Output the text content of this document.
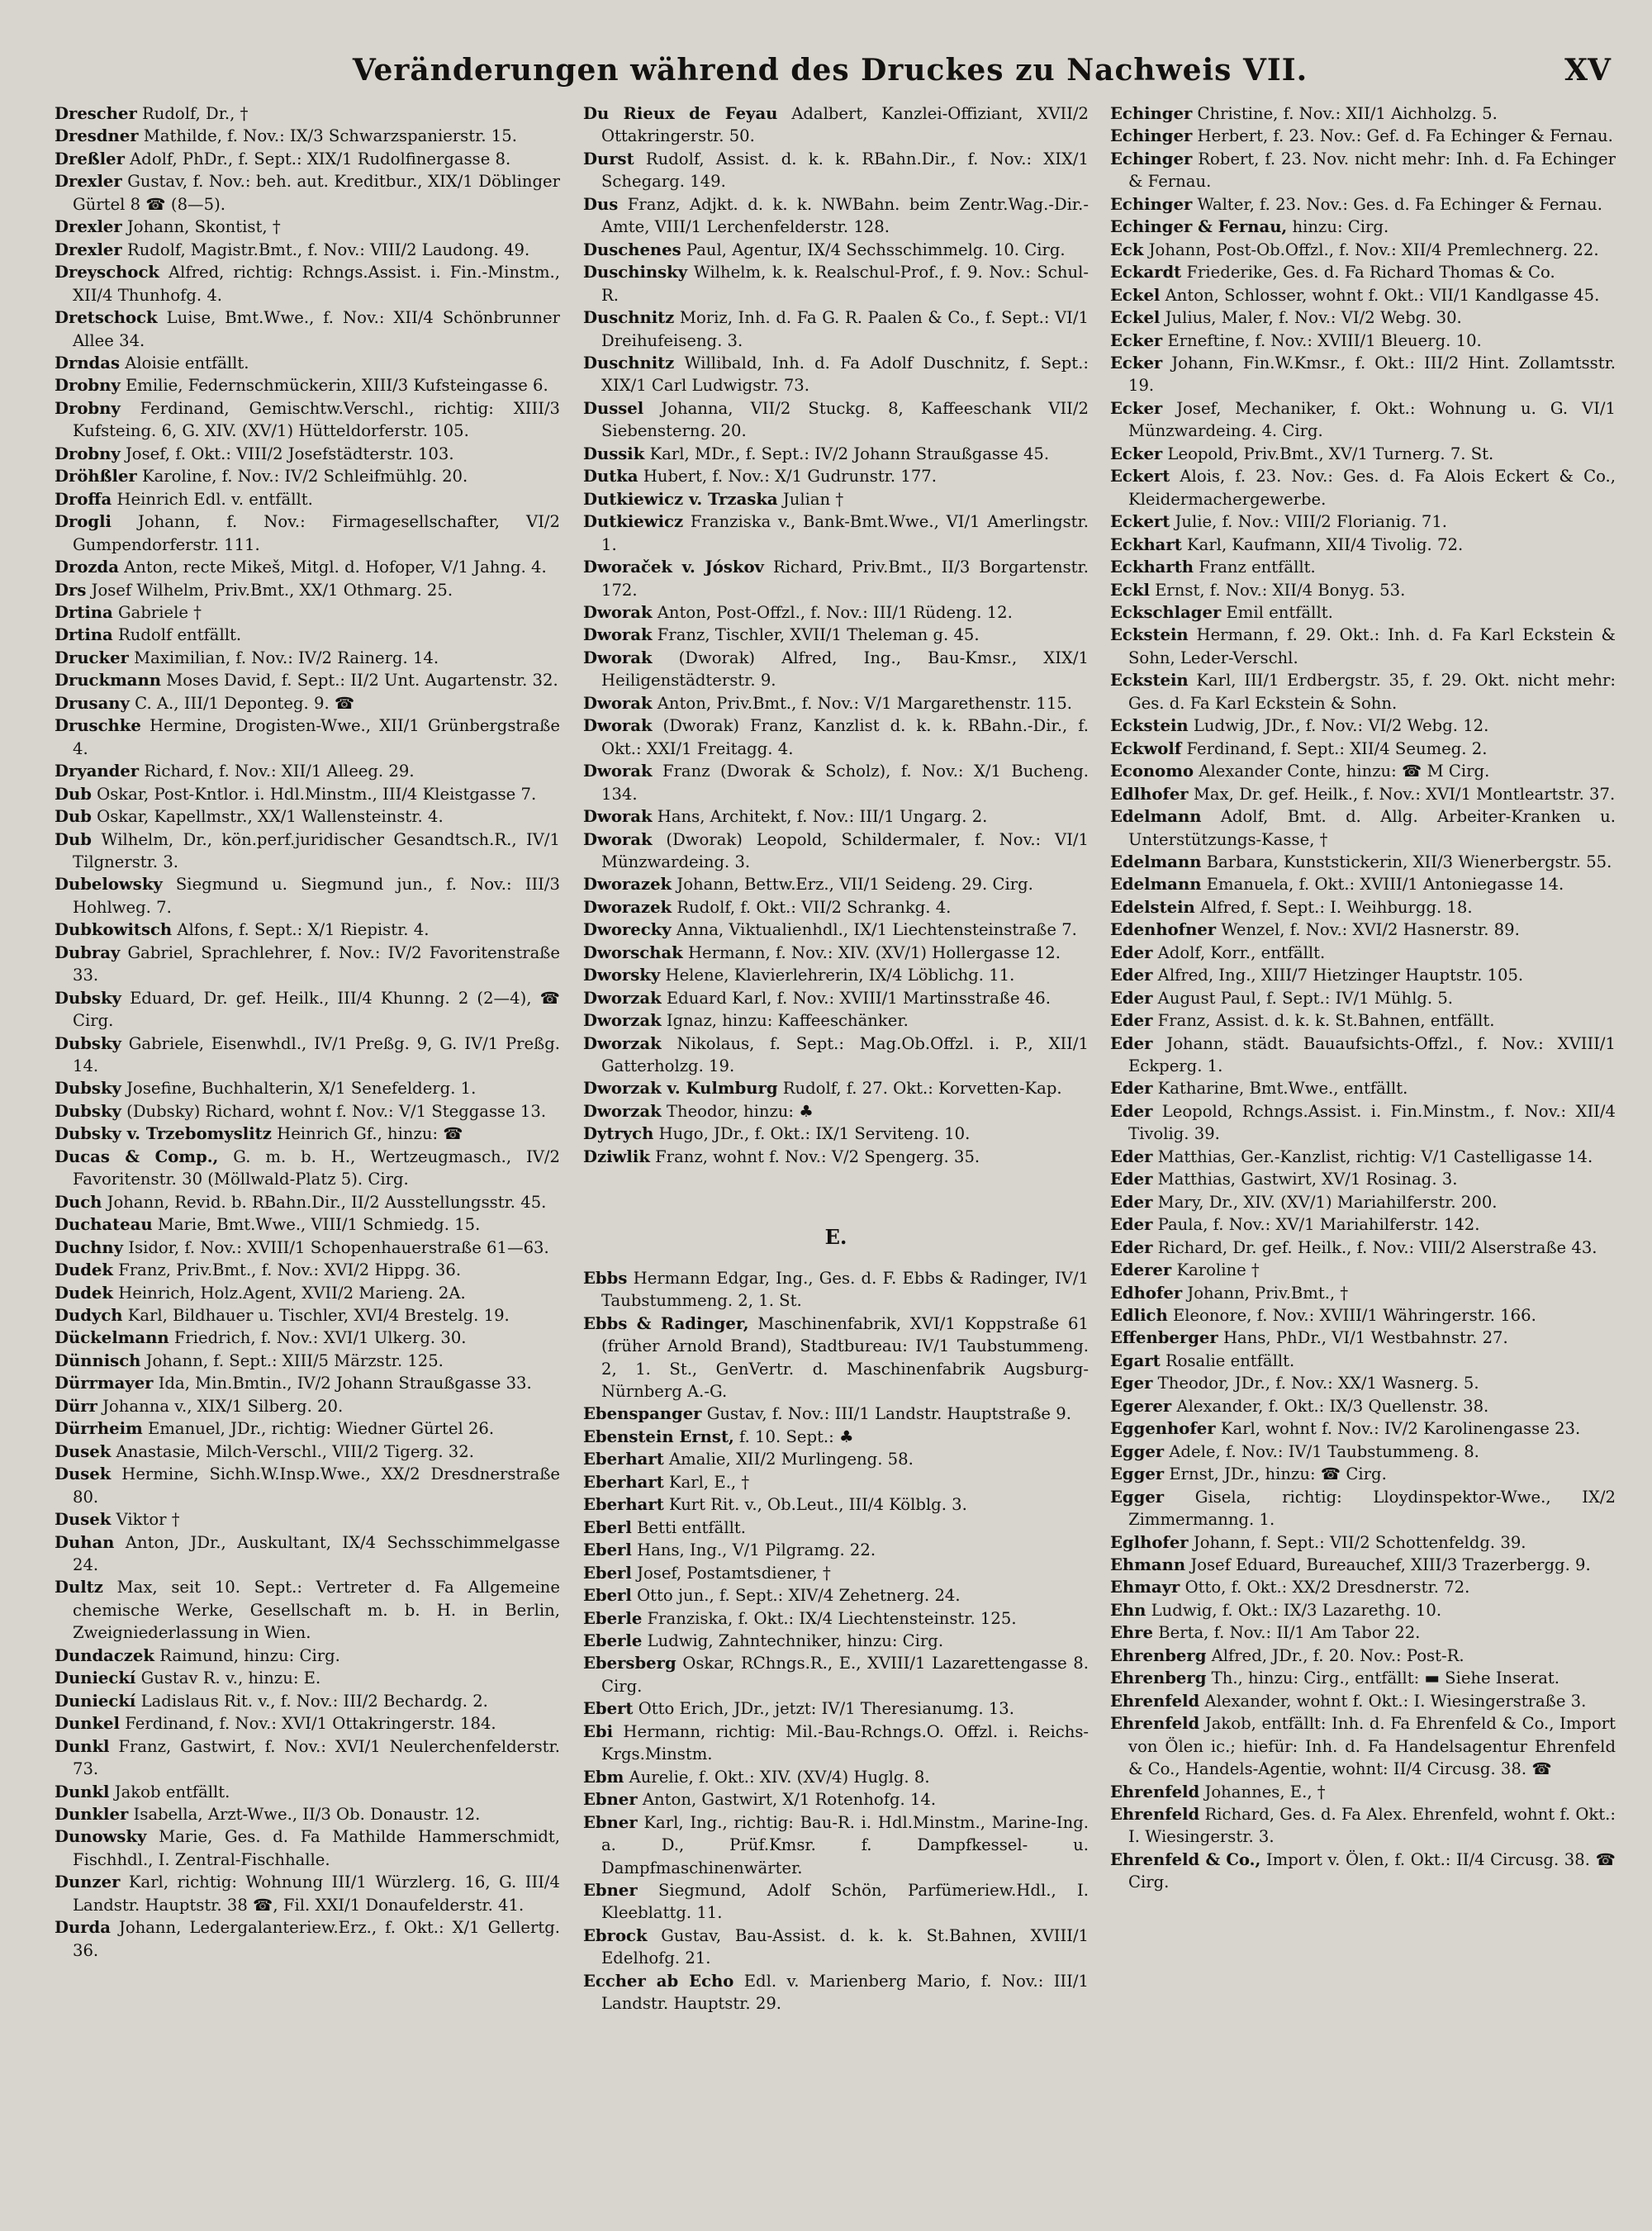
Veränderungen während des Druckes zu Nachweis VII.	XV
Drescher Rudolf, Dr., †
Dresdner Mathilde, f. Nov.: IX/3 Schwarzspanierstr. 15.
Dreßler Adolf, PhDr., f. Sept.: XIX/1 Rudolfinergasse 8.
Drexler Gustav, f. Nov.: beh. aut. Kreditbur., XIX/1 Döblinger Gürtel 8 ☎ (8—5).
Drexler Johann, Skontist, †
Drexler Rudolf, Magistr.Bmt., f. Nov.: VIII/2 Laudong. 49.
Dreyschock Alfred, richtig: Rchngs.Assist. i. Fin.-Minstm., XII/4 Thunhofg. 4.
Dretschock Luise, Bmt.Wwe., f. Nov.: XII/4 Schönbrunner Allee 34.
Drndas Aloisie entfällt.
Drobny Emilie, Federnschmückerin, XIII/3 Kufsteingasse 6.
Drobny Ferdinand, Gemischtw.Verschl., richtig: XIII/3 Kufsteing. 6, G. XIV. (XV/1) Hütteldorferstr. 105.
Drobny Josef, f. Okt.: VIII/2 Josefstädterstr. 103.
Dröhßler Karoline, f. Nov.: IV/2 Schleifmühlg. 20.
Droffa Heinrich Edl. v. entfällt.
Drogli Johann, f. Nov.: Firmagesellschafter, VI/2 Gumpendorferstr. 111.
Drozda Anton, recte Mikeš, Mitgl. d. Hofoper, V/1 Jahng. 4.
Drs Josef Wilhelm, Priv.Bmt., XX/1 Othmarg. 25.
Drtina Gabriele †
Drtina Rudolf entfällt.
Drucker Maximilian, f. Nov.: IV/2 Rainerg. 14.
Druckmann Moses David, f. Sept.: II/2 Unt. Augartenstr. 32.
Drusany C. A., III/1 Deponteg. 9. ☎
Druschke Hermine, Drogisten-Wwe., XII/1 Grünbergstraße 4.
Dryander Richard, f. Nov.: XII/1 Alleeg. 29.
Dub Oskar, Post-Kntlor. i. Hdl.Minstm., III/4 Kleistgasse 7.
Dub Oskar, Kapellmstr., XX/1 Wallensteinstr. 4.
Dub Wilhelm, Dr., kön.perf.juridischer Gesandtsch.R., IV/1 Tilgnerstr. 3.
Dubelowsky Siegmund u. Siegmund jun., f. Nov.: III/3 Hohlweg. 7.
Dubkowitsch Alfons, f. Sept.: X/1 Riepistr. 4.
Dubray Gabriel, Sprachlehrer, f. Nov.: IV/2 Favoritenstraße 33.
Dubsky Eduard, Dr. gef. Heilk., III/4 Khunng. 2 (2—4), ☎ Cirg.
Dubsky Gabriele, Eisenwhdl., IV/1 Preßg. 9, G. IV/1 Preßg. 14.
Dubsky Josefine, Buchhalterin, X/1 Senefelderg. 1.
Dubsky (Dubsky) Richard, wohnt f. Nov.: V/1 Steggasse 13.
Dubsky v. Trzebomyslitz Heinrich Gf., hinzu: ☎
Ducas & Comp., G. m. b. H., Wertzeugmasch., IV/2 Favoritenstr. 30 (Möllwald-Platz 5). Cirg.
Duch Johann, Revid. b. RBahn.Dir., II/2 Ausstellungsstr. 45.
Duchateau Marie, Bmt.Wwe., VIII/1 Schmiedg. 15.
Duchny Isidor, f. Nov.: XVIII/1 Schopenhauerstraße 61—63.
Dudek Franz, Priv.Bmt., f. Nov.: XVI/2 Hippg. 36.
Dudek Heinrich, Holz.Agent, XVII/2 Marieng. 2A.
Dudych Karl, Bildhauer u. Tischler, XVI/4 Brestelg. 19.
Dückelmann Friedrich, f. Nov.: XVI/1 Ulkerg. 30.
Dünnisch Johann, f. Sept.: XIII/5 Märzstr. 125.
Dürrmayer Ida, Min.Bmtin., IV/2 Johann Straußgasse 33.
Dürr Johanna v., XIX/1 Silberg. 20.
Dürrheim Emanuel, JDr., richtig: Wiedner Gürtel 26.
Dusek Anastasie, Milch-Verschl., VIII/2 Tigerg. 32.
Dusek Hermine, Sichh.W.Insp.Wwe., XX/2 Dresdnerstraße 80.
Dusek Viktor †
Duhan Anton, JDr., Auskultant, IX/4 Sechsschimmelgasse 24.
Dultz Max, seit 10. Sept.: Vertreter d. Fa Allgemeine chemische Werke, Gesellschaft m. b. H. in Berlin, Zweigniederlassung in Wien.
Dundaczek Raimund, hinzu: Cirg.
Dunieckí Gustav R. v., hinzu: E.
Dunieckí Ladislaus Rit. v., f. Nov.: III/2 Bechardg. 2.
Dunkel Ferdinand, f. Nov.: XVI/1 Ottakringerstr. 184.
Dunkl Franz, Gastwirt, f. Nov.: XVI/1 Neulerchenfelderstr. 73.
Dunkl Jakob entfällt.
Dunkler Isabella, Arzt-Wwe., II/3 Ob. Donaustr. 12.
Dunowsky Marie, Ges. d. Fa Mathilde Hammerschmidt, Fischhdl., I. Zentral-Fischhalle.
Dunzer Karl, richtig: Wohnung III/1 Würzlerg. 16, G. III/4 Landstr. Hauptstr. 38 ☎, Fil. XXI/1 Donaufelderstr. 41.
Durda Johann, Ledergalanteriew.Erz., f. Okt.: X/1 Gellertg. 36.
Du Rieux de Feyau Adalbert, Kanzlei-Offiziant, XVII/2 Ottakringerstr. 50.
Durst Rudolf, Assist. d. k. k. RBahn.Dir., f. Nov.: XIX/1 Schegarg. 149.
Dus Franz, Adjkt. d. k. k. NWBahn. beim Zentr.Wag.-Dir.-Amte, VIII/1 Lerchenfelderstr. 128.
Duschenes Paul, Agentur, IX/4 Sechsschimmelg. 10. Cirg.
Duschinsky Wilhelm, k. k. Realschul-Prof., f. 9. Nov.: Schul-R.
Duschnitz Moriz, Inh. d. Fa G. R. Paalen & Co., f. Sept.: VI/1 Dreihufeiseng. 3.
Duschnitz Willibald, Inh. d. Fa Adolf Duschnitz, f. Sept.: XIX/1 Carl Ludwigstr. 73.
Dussel Johanna, VII/2 Stuckg. 8, Kaffeeschank VII/2 Siebensterng. 20.
Dussik Karl, MDr., f. Sept.: IV/2 Johann Straußgasse 45.
Dutka Hubert, f. Nov.: X/1 Gudrunstr. 177.
Dutkiewicz v. Trzaska Julian †
Dutkiewicz Franziska v., Bank-Bmt.Wwe., VI/1 Amerlingstr. 1.
Dworaček v. Jóskov Richard, Priv.Bmt., II/3 Borgartenstr. 172.
Dworak Anton, Post-Offzl., f. Nov.: III/1 Rüdeng. 12.
Dworak Franz, Tischler, XVII/1 Theleman g. 45.
Dworak (Dworak) Alfred, Ing., Bau-Kmsr., XIX/1 Heiligenstädterstr. 9.
Dworak Anton, Priv.Bmt., f. Nov.: V/1 Margarethenstr. 115.
Dworak (Dworak) Franz, Kanzlist d. k. k. RBahn.-Dir., f. Okt.: XXI/1 Freitagg. 4.
Dworak Franz (Dworak & Scholz), f. Nov.: X/1 Bucheng. 134.
Dworak Hans, Architekt, f. Nov.: III/1 Ungarg. 2.
Dworak (Dworak) Leopold, Schildermaler, f. Nov.: VI/1 Münzwardeing. 3.
Dworazek Johann, Bettw.Erz., VII/1 Seideng. 29. Cirg.
Dworazek Rudolf, f. Okt.: VII/2 Schrankg. 4.
Dworecky Anna, Viktualienhdl., IX/1 Liechtensteinstraße 7.
Dworschak Hermann, f. Nov.: XIV. (XV/1) Hollergasse 12.
Dworsky Helene, Klavierlehrerin, IX/4 Löblichg. 11.
Dworzak Eduard Karl, f. Nov.: XVIII/1 Martinsstraße 46.
Dworzak Ignaz, hinzu: Kaffeeschänker.
Dworzak Nikolaus, f. Sept.: Mag.Ob.Offzl. i. P., XII/1 Gatterholzg. 19.
Dworzak v. Kulmburg Rudolf, f. 27. Okt.: Korvetten-Kap.
Dworzak Theodor, hinzu: ♣
Dytrych Hugo, JDr., f. Okt.: IX/1 Serviteng. 10.
Dziwlik Franz, wohnt f. Nov.: V/2 Spengerg. 35.
E.
Ebbs Hermann Edgar, Ing., Ges. d. F. Ebbs & Radinger, IV/1 Taubstummeng. 2, 1. St.
Ebbs & Radinger, Maschinenfabrik, XVI/1 Koppstraße 61 (früher Arnold Brand), Stadtbureau: IV/1 Taubstummeng. 2, 1. St., GenVertr. d. Maschinenfabrik Augsburg-Nürnberg A.-G.
Ebenspanger Gustav, f. Nov.: III/1 Landstr. Hauptstraße 9.
Ebenstein Ernst, f. 10. Sept.: ♣
Eberhart Amalie, XII/2 Murlingeng. 58.
Eberhart Karl, E., †
Eberhart Kurt Rit. v., Ob.Leut., III/4 Kölblg. 3.
Eberl Betti entfällt.
Eberl Hans, Ing., V/1 Pilgramg. 22.
Eberl Josef, Postamtsdiener, †
Eberl Otto jun., f. Sept.: XIV/4 Zehetnerg. 24.
Eberle Franziska, f. Okt.: IX/4 Liechtensteinstr. 125.
Eberle Ludwig, Zahntechniker, hinzu: Cirg.
Ebersberg Oskar, RChngs.R., E., XVIII/1 Lazarettengasse 8. Cirg.
Ebert Otto Erich, JDr., jetzt: IV/1 Theresianumg. 13.
Ebi Hermann, richtig: Mil.-Bau-Rchngs.O. Offzl. i. Reichs-Krgs.Minstm.
Ebm Aurelie, f. Okt.: XIV. (XV/4) Huglg. 8.
Ebner Anton, Gastwirt, X/1 Rotenhofg. 14.
Ebner Karl, Ing., richtig: Bau-R. i. Hdl.Minstm., Marine-Ing. a. D., Prüf.Kmsr. f. Dampfkessel- u. Dampfmaschinenwärter.
Ebner Siegmund, Adolf Schön, Parfümeriew.Hdl., I. Kleeblattg. 11.
Ebrock Gustav, Bau-Assist. d. k. k. St.Bahnen, XVIII/1 Edelhofg. 21.
Eccher ab Echo Edl. v. Marienberg Mario, f. Nov.: III/1 Landstr. Hauptstr. 29.
Echinger Christine, f. Nov.: XII/1 Aichholzg. 5.
Echinger Herbert, f. 23. Nov.: Gef. d. Fa Echinger & Fernau.
Echinger Robert, f. 23. Nov. nicht mehr: Inh. d. Fa Echinger & Fernau.
Echinger Walter, f. 23. Nov.: Ges. d. Fa Echinger & Fernau.
Echinger & Fernau, hinzu: Cirg.
Eck Johann, Post-Ob.Offzl., f. Nov.: XII/4 Premlechnerg. 22.
Eckardt Friederike, Ges. d. Fa Richard Thomas & Co.
Eckel Anton, Schlosser, wohnt f. Okt.: VII/1 Kandlgasse 45.
Eckel Julius, Maler, f. Nov.: VI/2 Webg. 30.
Ecker Erneftine, f. Nov.: XVIII/1 Bleuerg. 10.
Ecker Johann, Fin.W.Kmsr., f. Okt.: III/2 Hint. Zollamtsstr. 19.
Ecker Josef, Mechaniker, f. Okt.: Wohnung u. G. VI/1 Münzwardeing. 4. Cirg.
Ecker Leopold, Priv.Bmt., XV/1 Turnerg. 7. St.
Eckert Alois, f. 23. Nov.: Ges. d. Fa Alois Eckert & Co., Kleidermachergewerbe.
Eckert Julie, f. Nov.: VIII/2 Florianig. 71.
Eckhart Karl, Kaufmann, XII/4 Tivolig. 72.
Eckharth Franz entfällt.
Eckl Ernst, f. Nov.: XII/4 Bonyg. 53.
Eckschlager Emil entfällt.
Eckstein Hermann, f. 29. Okt.: Inh. d. Fa Karl Eckstein & Sohn, Leder-Verschl.
Eckstein Karl, III/1 Erdbergstr. 35, f. 29. Okt. nicht mehr: Ges. d. Fa Karl Eckstein & Sohn.
Eckstein Ludwig, JDr., f. Nov.: VI/2 Webg. 12.
Eckwolf Ferdinand, f. Sept.: XII/4 Seumeg. 2.
Economo Alexander Conte, hinzu: ☎ M Cirg.
Edlhofer Max, Dr. gef. Heilk., f. Nov.: XVI/1 Montleartstr. 37.
Edelmann Adolf, Bmt. d. Allg. Arbeiter-Kranken u. Unterstützungs-Kasse, †
Edelmann Barbara, Kunststickerin, XII/3 Wienerbergstr. 55.
Edelmann Emanuela, f. Okt.: XVIII/1 Antoniegasse 14.
Edelstein Alfred, f. Sept.: I. Weihburgg. 18.
Edenhofner Wenzel, f. Nov.: XVI/2 Hasnerstr. 89.
Eder Adolf, Korr., entfällt.
Eder Alfred, Ing., XIII/7 Hietzinger Hauptstr. 105.
Eder August Paul, f. Sept.: IV/1 Mühlg. 5.
Eder Franz, Assist. d. k. k. St.Bahnen, entfällt.
Eder Johann, städt. Bauaufsichts-Offzl., f. Nov.: XVIII/1 Eckperg. 1.
Eder Katharine, Bmt.Wwe., entfällt.
Eder Leopold, Rchngs.Assist. i. Fin.Minstm., f. Nov.: XII/4 Tivolig. 39.
Eder Matthias, Ger.-Kanzlist, richtig: V/1 Castelligasse 14.
Eder Matthias, Gastwirt, XV/1 Rosinag. 3.
Eder Mary, Dr., XIV. (XV/1) Mariahilferstr. 200.
Eder Paula, f. Nov.: XV/1 Mariahilferstr. 142.
Eder Richard, Dr. gef. Heilk., f. Nov.: VIII/2 Alserstraße 43.
Ederer Karoline †
Edhofer Johann, Priv.Bmt., †
Edlich Eleonore, f. Nov.: XVIII/1 Währingerstr. 166.
Effenberger Hans, PhDr., VI/1 Westbahnstr. 27.
Egart Rosalie entfällt.
Eger Theodor, JDr., f. Nov.: XX/1 Wasnerg. 5.
Egerer Alexander, f. Okt.: IX/3 Quellenstr. 38.
Eggenhofer Karl, wohnt f. Nov.: IV/2 Karolinengasse 23.
Egger Adele, f. Nov.: IV/1 Taubstummeng. 8.
Egger Ernst, JDr., hinzu: ☎ Cirg.
Egger Gisela, richtig: Lloydinspektor-Wwe., IX/2 Zimmermanng. 1.
Eglhofer Johann, f. Sept.: VII/2 Schottenfeldg. 39.
Ehmann Josef Eduard, Bureauchef, XIII/3 Trazerbergg. 9.
Ehmayr Otto, f. Okt.: XX/2 Dresdnerstr. 72.
Ehn Ludwig, f. Okt.: IX/3 Lazarethg. 10.
Ehre Berta, f. Nov.: II/1 Am Tabor 22.
Ehrenberg Alfred, JDr., f. 20. Nov.: Post-R.
Ehrenberg Th., hinzu: Cirg., entfällt: ▬ Siehe Inserat.
Ehrenfeld Alexander, wohnt f. Okt.: I. Wiesingerstraße 3.
Ehrenfeld Jakob, entfällt: Inh. d. Fa Ehrenfeld & Co., Import von Ölen ic.; hiefür: Inh. d. Fa Handelsagentur Ehrenfeld & Co., Handels-Agentie, wohnt: II/4 Circusg. 38. ☎
Ehrenfeld Johannes, E., †
Ehrenfeld Richard, Ges. d. Fa Alex. Ehrenfeld, wohnt f. Okt.: I. Wiesingerstr. 3.
Ehrenfeld & Co., Import v. Ölen, f. Okt.: II/4 Circusg. 38. ☎ Cirg.
